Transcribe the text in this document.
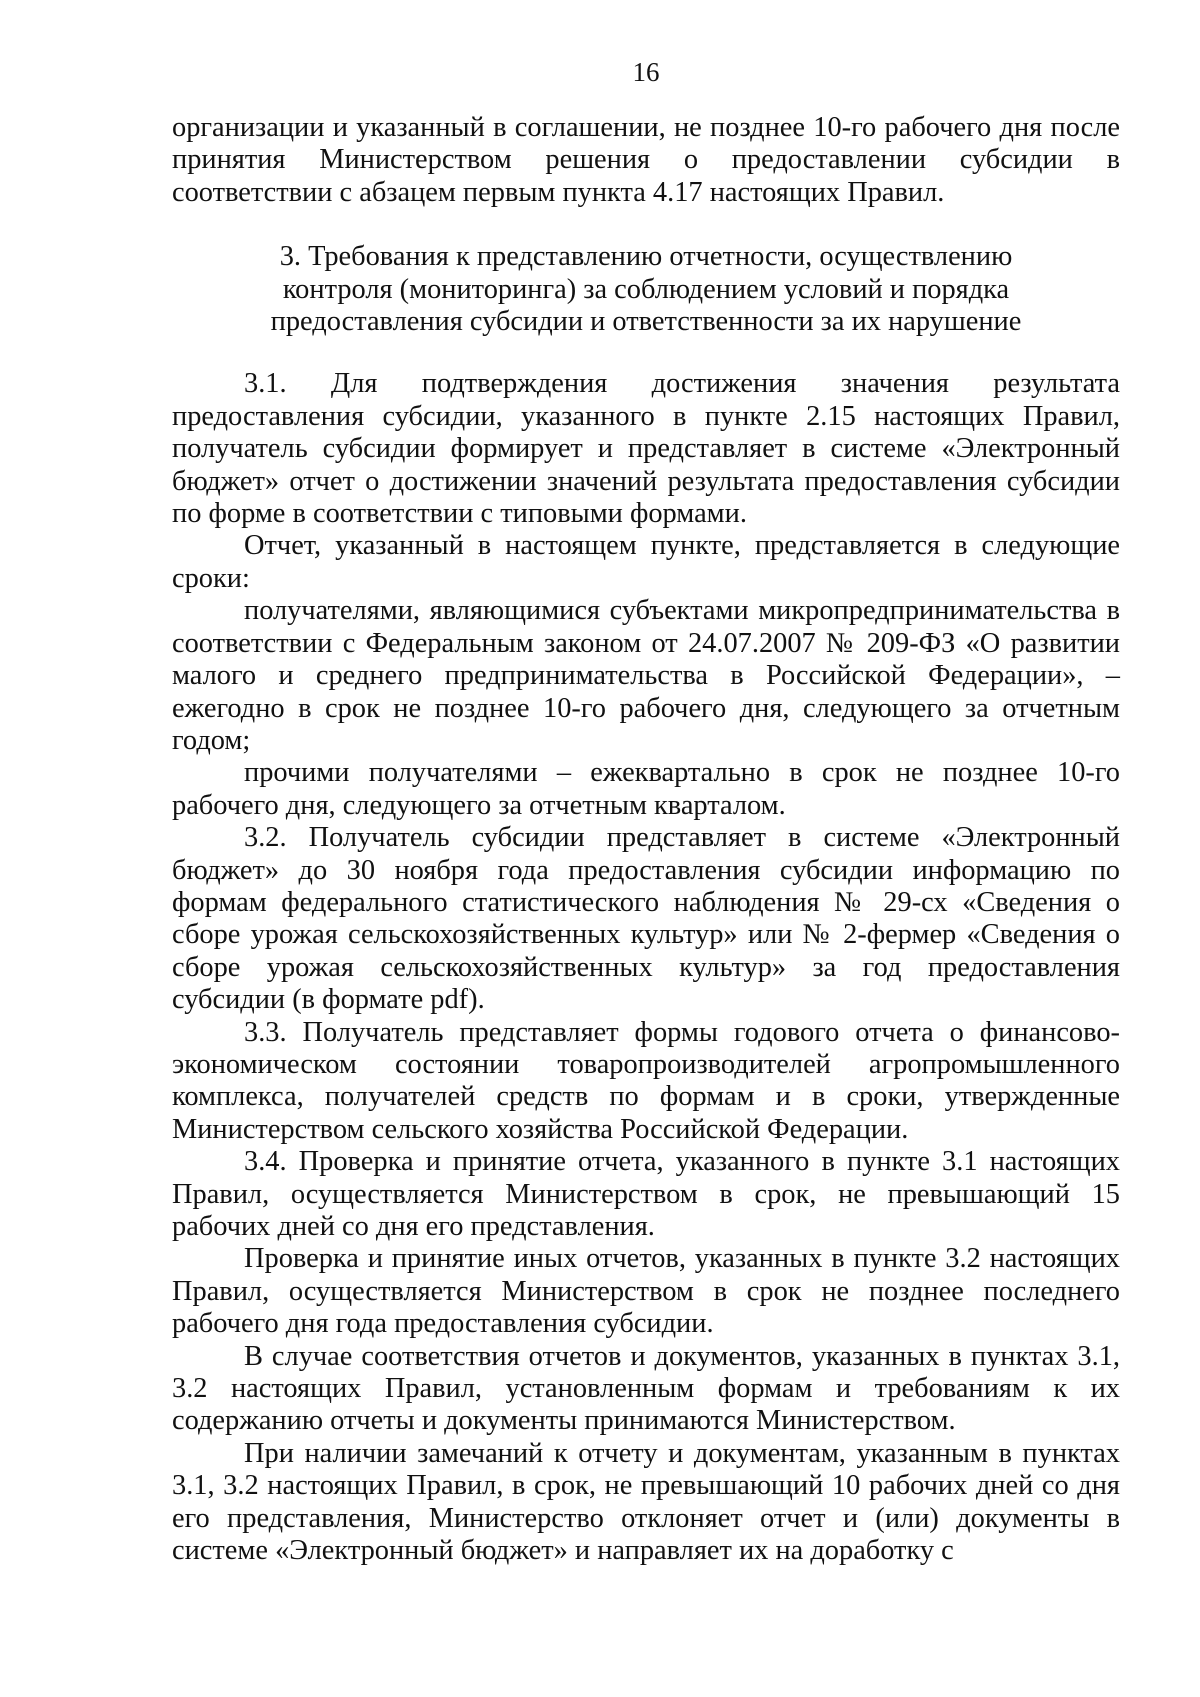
16

организации и указанный в соглашении, не позднее 10-го рабочего дня после принятия Министерством решения о предоставлении субсидии в соответствии с абзацем первым пункта 4.17 настоящих Правил.

3. Требования к представлению отчетности, осуществлению контроля (мониторинга) за соблюдением условий и порядка предоставления субсидии и ответственности за их нарушение

3.1. Для подтверждения достижения значения результата предоставления субсидии, указанного в пункте 2.15 настоящих Правил, получатель субсидии формирует и представляет в системе «Электронный бюджет» отчет о достижении значений результата предоставления субсидии по форме в соответствии с типовыми формами.

Отчет, указанный в настоящем пункте, представляется в следующие сроки:

получателями, являющимися субъектами микропредпринимательства в соответствии с Федеральным законом от 24.07.2007 № 209-ФЗ «О развитии малого и среднего предпринимательства в Российской Федерации», – ежегодно в срок не позднее 10-го рабочего дня, следующего за отчетным годом;

прочими получателями – ежеквартально в срок не позднее 10-го рабочего дня, следующего за отчетным кварталом.

3.2. Получатель субсидии представляет в системе «Электронный бюджет» до 30 ноября года предоставления субсидии информацию по формам федерального статистического наблюдения № 29-сх «Сведения о сборе урожая сельскохозяйственных культур» или № 2-фермер «Сведения о сборе урожая сельскохозяйственных культур» за год предоставления субсидии (в формате pdf).

3.3. Получатель представляет формы годового отчета о финансово-экономическом состоянии товаропроизводителей агропромышленного комплекса, получателей средств по формам и в сроки, утвержденные Министерством сельского хозяйства Российской Федерации.

3.4. Проверка и принятие отчета, указанного в пункте 3.1 настоящих Правил, осуществляется Министерством в срок, не превышающий 15 рабочих дней со дня его представления.

Проверка и принятие иных отчетов, указанных в пункте 3.2 настоящих Правил, осуществляется Министерством в срок не позднее последнего рабочего дня года предоставления субсидии.

В случае соответствия отчетов и документов, указанных в пунктах 3.1, 3.2 настоящих Правил, установленным формам и требованиям к их содержанию отчеты и документы принимаются Министерством.

При наличии замечаний к отчету и документам, указанным в пунктах 3.1, 3.2 настоящих Правил, в срок, не превышающий 10 рабочих дней со дня его представления, Министерство отклоняет отчет и (или) документы в системе «Электронный бюджет» и направляет их на доработку с
